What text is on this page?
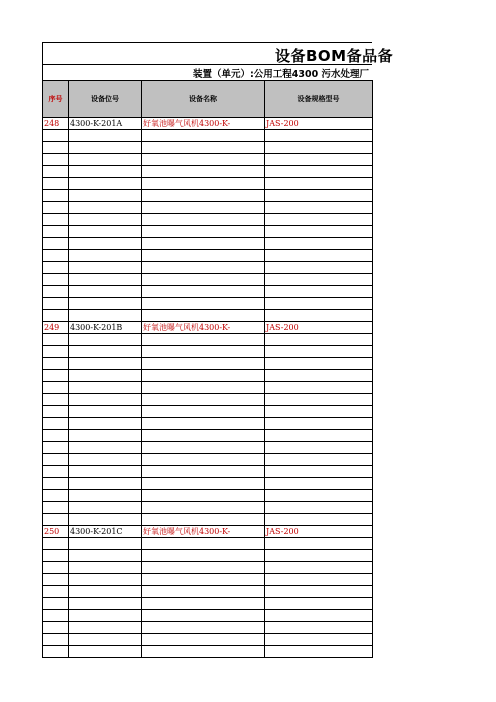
设备BOM备品备
装置（单元）:公用工程4300 污水处理厂
序号	设备位号	设备名称	设备规格型号
248	4300-K-201A	好氧池曝气风机4300-K-	JAS-200

249	4300-K-201B	好氧池曝气风机4300-K-	JAS-200

250	4300-K-201C	好氧池曝气风机4300-K-	JAS-200
